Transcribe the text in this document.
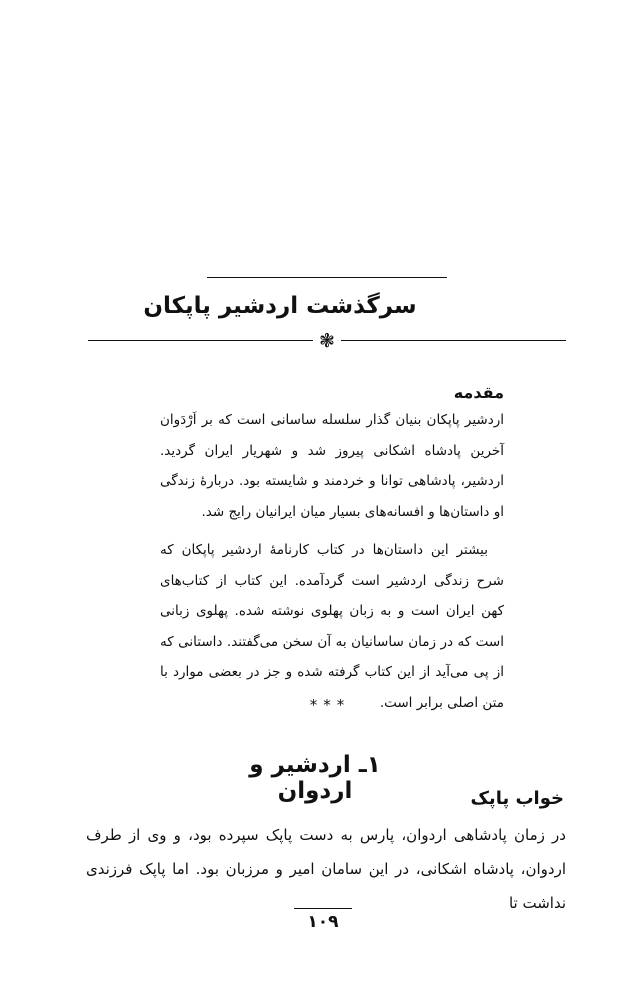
سرگذشت اردشیر پاپکان
❃
مقدمه

اردشیر پاپکان بنیان گذار سلسله ساسانی است که بر اَرْدَوان آخرین پادشاه اشکانی پیروز شد و شهریار ایران گردید. اردشیر، پادشاهی توانا و خردمند و شایسته بود. دربارهٔ زندگی او داستان‌ها و افسانه‌های بسیار میان ایرانیان رایج شد.

بیشتر این داستان‌ها در کتاب کارنامهٔ اردشیر پاپکان که شرح زندگی اردشیر است گردآمده. این کتاب از کتاب‌های کهن ایران است و به زبان پهلوی نوشته شده. پهلوی زبانی است که در زمان ساسانیان به آن سخن می‌گفتند. داستانی که از پی می‌آید از این کتاب گرفته شده و جز در بعضی موارد با متن اصلی برابر است.

***
۱ـ اردشیر و اردوان	خواب پاپک

در زمان پادشاهی اردوان، پارس به دست پاپک سپرده بود، و وی از طرف اردوان، پادشاه اشکانی، در این سامان امیر و مرزبان بود. اما پاپک فرزندی نداشت تا

۱۰۹
